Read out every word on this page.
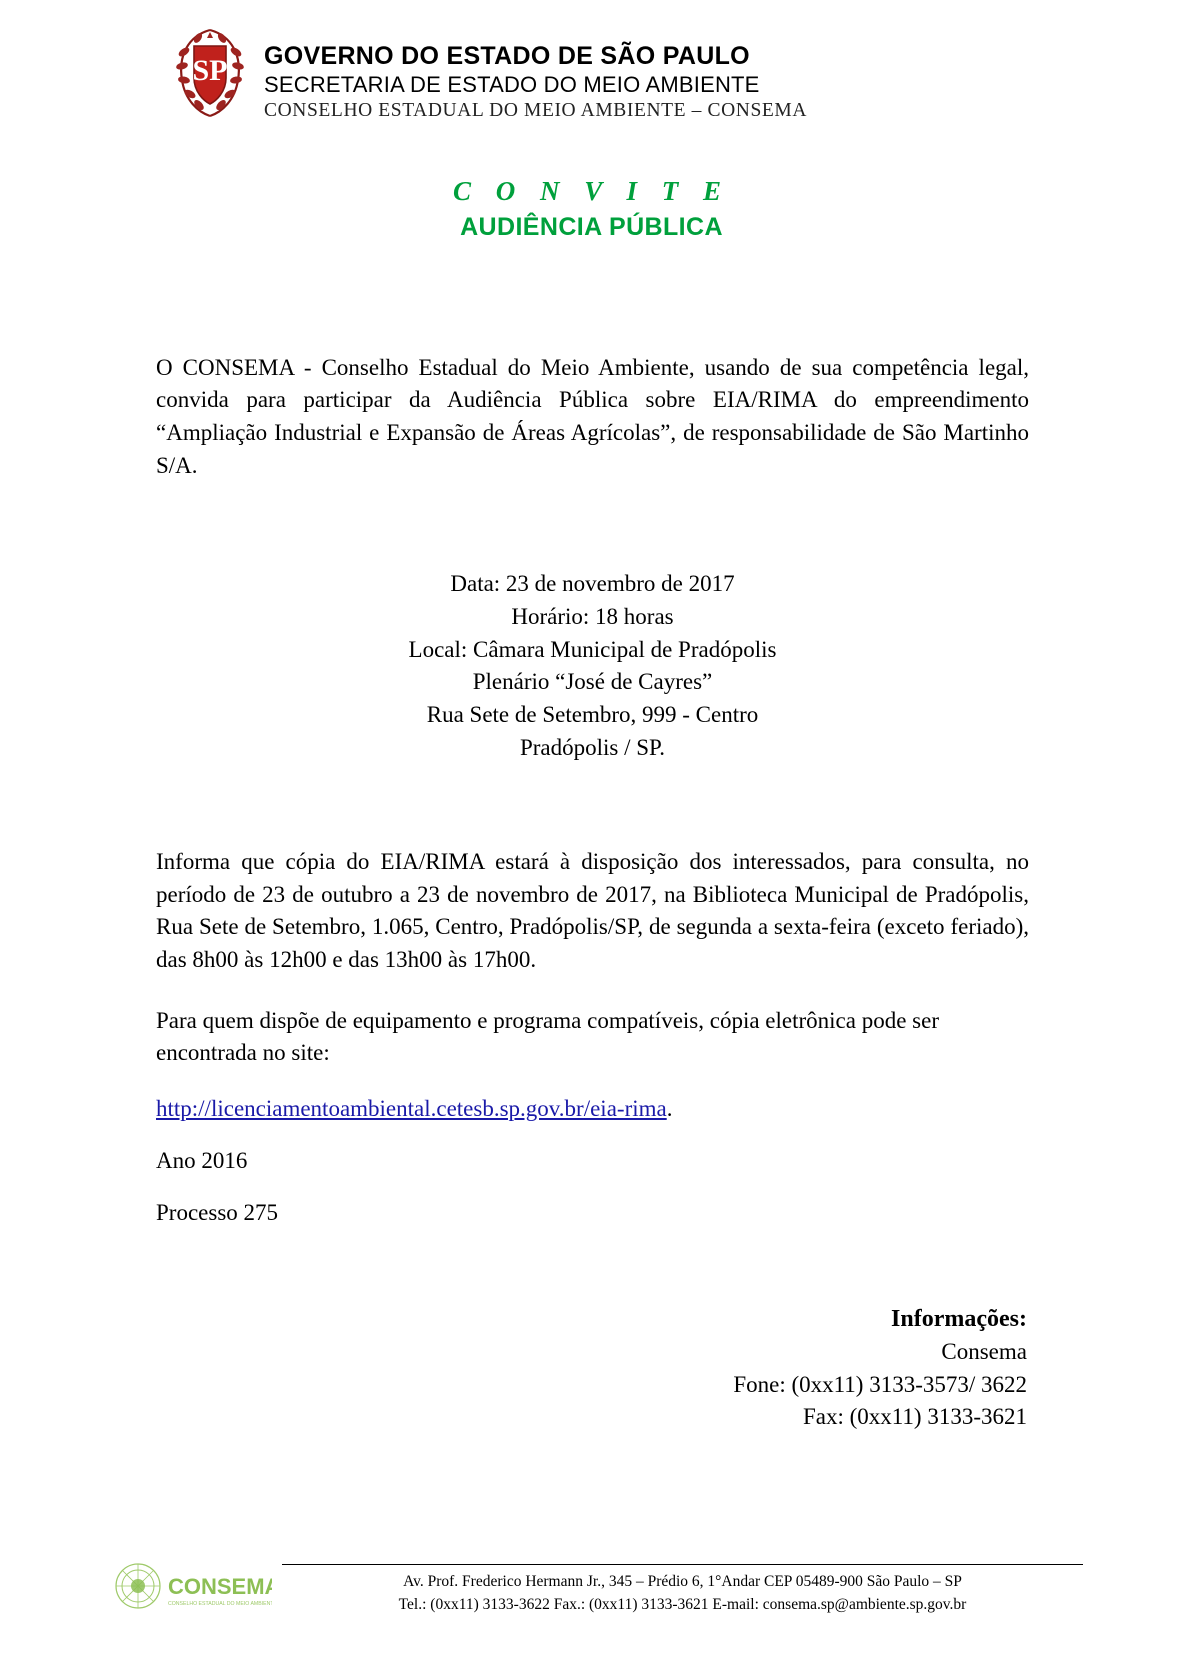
SP GOVERNO DO ESTADO DE SÃO PAULO
SECRETARIA DE ESTADO DO MEIO AMBIENTE
CONSELHO ESTADUAL DO MEIO AMBIENTE – CONSEMA
C O N V I T E
AUDIÊNCIA PÚBLICA

O CONSEMA - Conselho Estadual do Meio Ambiente, usando de sua competência legal, convida para participar da Audiência Pública sobre EIA/RIMA do empreendimento “Ampliação Industrial e Expansão de Áreas Agrícolas”, de responsabilidade de São Martinho S/A.

Data: 23 de novembro de 2017
Horário: 18 horas
Local: Câmara Municipal de Pradópolis
Plenário “José de Cayres”
Rua Sete de Setembro, 999 - Centro
Pradópolis / SP.

Informa que cópia do EIA/RIMA estará à disposição dos interessados, para consulta, no período de 23 de outubro a 23 de novembro de 2017, na Biblioteca Municipal de Pradópolis, Rua Sete de Setembro, 1.065, Centro, Pradópolis/SP, de segunda a sexta-feira (exceto feriado), das 8h00 às 12h00 e das 13h00 às 17h00.

Para quem dispõe de equipamento e programa compatíveis, cópia eletrônica pode ser encontrada no site:

http://licenciamentoambiental.cetesb.sp.gov.br/eia-rima.

Ano 2016

Processo 275

Informações:
Consema
Fone: (0xx11) 3133-3573/ 3622
Fax: (0xx11) 3133-3621
CONSEMA
CONSELHO ESTADUAL DO MEIO AMBIENTE
Av. Prof. Frederico Hermann Jr., 345 – Prédio 6, 1°Andar CEP 05489-900 São Paulo – SP
Tel.: (0xx11) 3133-3622 Fax.: (0xx11) 3133-3621 E-mail: consema.sp@ambiente.sp.gov.br
